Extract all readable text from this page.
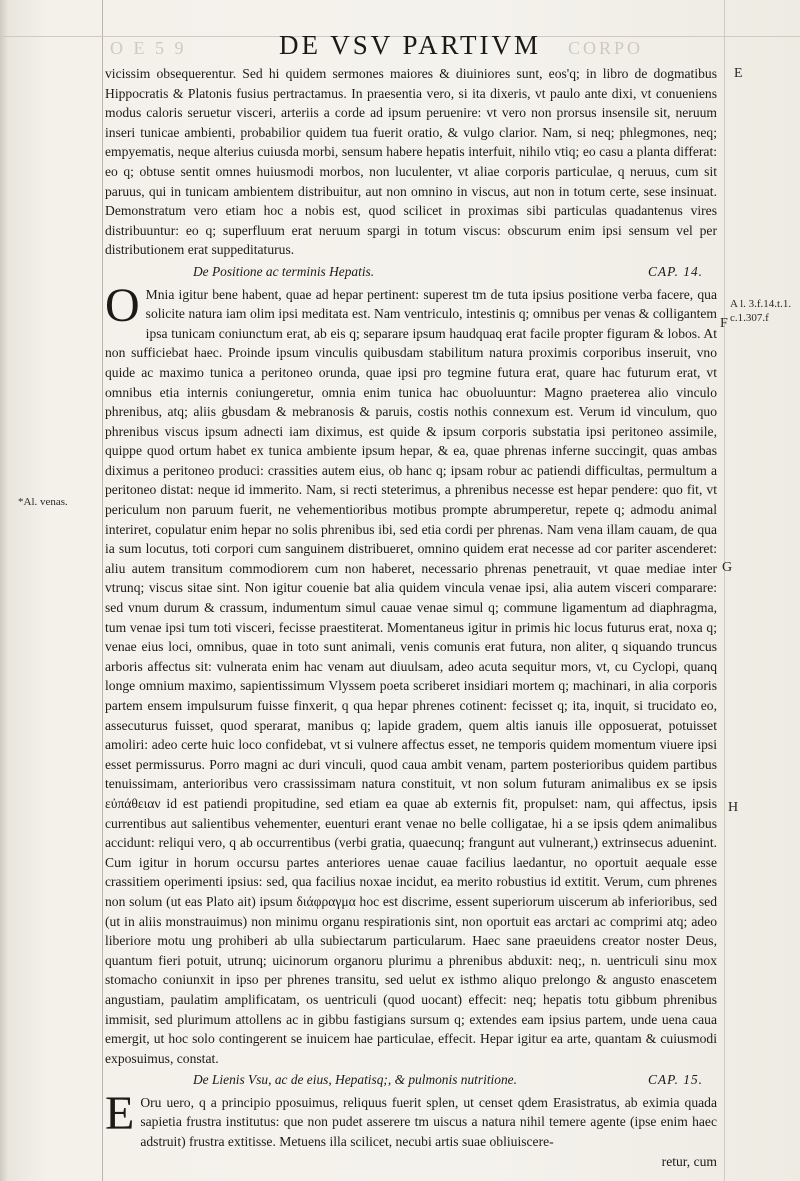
O E 5 9	CORPO
DE VSV PARTIVM

vicissim obsequerentur. Sed hi quidem sermones maiores & diuiniores sunt, eos'q; in libro de dogmatibus Hippocratis & Platonis fusius pertractamus. In praesentia vero, si ita dixeris, vt paulo ante dixi, vt conueniens modus caloris seruetur visceri, arteriis a corde ad ipsum peruenire: vt vero non prorsus insensile sit, neruum inseri tunicae ambienti, probabilior quidem tua fuerit oratio, & vulgo clarior. Nam, si neq; phlegmones, neq; empyematis, neque alterius cuiusda morbi, sensum habere hepatis interfuit, nihilo vtiq; eo casu a planta differat: eo q; obtuse sentit omnes huiusmodi morbos, non luculenter, vt aliae corporis particulae, q neruus, cum sit paruus, qui in tunicam ambientem distribuitur, aut non omnino in viscus, aut non in totum certe, sese insinuat. Demonstratum vero etiam hoc a nobis est, quod scilicet in proximas sibi particulas quadantenus vires distribuuntur: eo q; superfluum erat neruum spargi in totum viscus: obscurum enim ipsi sensum vel per distributionem erat suppeditaturus.

De Positione ac terminis Hepatis.	CAP. 14.

O Mnia igitur bene habent, quae ad hepar pertinent: superest tm de tuta ipsius positione verba facere, qua solicite natura iam olim ipsi meditata est. Nam ventriculo, intestinis q; omnibus per venas & colligantem ipsa tunicam coniunctum erat, ab eis q; separare ipsum haudquaq erat facile propter figuram & lobos. At non sufficiebat haec. Proinde ipsum vinculis quibusdam stabilitum natura proximis corporibus inseruit, vno quide ac maximo tunica a peritoneo orunda, quae ipsi pro tegmine futura erat, quare hac futurum erat, vt omnibus etia internis coniungeretur, omnia enim tunica hac obuoluuntur: Magno praeterea alio vinculo phrenibus, atq; aliis gbusdam & mebranosis & paruis, costis nothis connexum est. Verum id vinculum, quo phrenibus viscus ipsum adnecti iam diximus, est quide & ipsum corporis substatia ipsi peritoneo assimile, quippe quod ortum habet ex tunica ambiente ipsum hepar, & ea, quae phrenas inferne succingit, quas ambas diximus a peritoneo produci: crassities autem eius, ob hanc q; ipsam robur ac patiendi difficultas, permultum a peritoneo distat: neque id immerito. Nam, si recti steterimus, a phrenibus necesse est hepar pendere: quo fit, vt periculum non paruum fuerit, ne vehementioribus motibus prompte abrumperetur, repete q; admodu animal interiret, copulatur enim hepar no solis phrenibus ibi, sed etia cordi per phrenas. Nam vena illam cauam, de qua ia sum locutus, toti corpori cum sanguinem distribueret, omnino quidem erat necesse ad cor pariter ascenderet: aliu autem transitum commodiorem cum non haberet, necessario phrenas penetrauit, vt quae mediae inter vtrunq; viscus sitae sint. Non igitur couenie bat alia quidem vincula venae ipsi, alia autem visceri comparare: sed vnum durum & crassum, indumentum simul cauae venae simul q; commune ligamentum ad diaphragma, tum venae ipsi tum toti visceri, fecisse praestiterat. Momentaneus igitur in primis hic locus futurus erat, noxa q; venae eius loci, omnibus, quae in toto sunt animali, venis comunis erat futura, non aliter, q siquando truncus arboris affectus sit: vulnerata enim hac venam aut diuulsam, adeo acuta sequitur mors, vt, cu Cyclopi, quanq longe omnium maximo, sapientissimum Vlyssem poeta scriberet insidiari mortem q; machinari, in alia corporis partem ensem impulsurum fuisse finxerit, q qua hepar phrenes cotinent: fecisset q; ita, inquit, si trucidato eo, assecuturus fuisset, quod sperarat, manibus q; lapide gradem, quem altis ianuis ille opposuerat, potuisset amoliri: adeo certe huic loco confidebat, vt si vulnere affectus esset, ne temporis quidem momentum viuere ipsi esset permissurus. Porro magni ac duri vinculi, quod caua ambit venam, partem posterioribus quidem partibus tenuissimam, anterioribus vero crassissimam natura constituit, vt non solum futuram animalibus ex se ipsis εὐπάθειαν id est patiendi propitudine, sed etiam ea quae ab externis fit, propulset: nam, qui affectus, ipsis currentibus aut salientibus vehementer, euenturi erant venae no belle colligatae, hi a se ipsis qdem animalibus accidunt: reliqui vero, q ab occurrentibus (verbi gratia, quaecunq; frangunt aut vulnerant,) extrinsecus aduenint. Cum igitur in horum occursu partes anteriores uenae cauae facilius laedantur, no oportuit aequale esse crassitiem operimenti ipsius: sed, qua facilius noxae incidut, ea merito robustius id extitit. Verum, cum phrenes non solum (ut eas Plato ait) ipsum διάφραγμα hoc est discrime, essent superiorum uiscerum ab inferioribus, sed (ut in aliis monstrauimus) non minimu organu respirationis sint, non oportuit eas arctari ac comprimi atq; adeo liberiore motu ung prohiberi ab ulla subiectarum particularum. Haec sane praeuidens creator noster Deus, quantum fieri potuit, utrunq; uicinorum organoru plurimu a phrenibus abduxit: neq;, n. uentriculi sinu mox stomacho coniunxit in ipso per phrenes transitu, sed uelut ex isthmo aliquo prelongo & angusto enascetem angustiam, paulatim amplificatam, os uentriculi (quod uocant) effecit: neq; hepatis totu gibbum phrenibus immisit, sed plurimum attollens ac in gibbu fastigians sursum q; extendes eam ipsius partem, unde uena caua emergit, ut hoc solo contingerent se inuicem hae particulae, effecit. Hepar igitur ea arte, quantam & cuiusmodi exposuimus, constat.

De Lienis Vsu, ac de eius, Hepatisq;, & pulmonis nutritione.	CAP. 15.

E Oru uero, q a principio pposuimus, reliquus fuerit splen, ut censet qdem Erasistratus, ab eximia quada sapietia frustra institutus: que non pudet asserere tm uiscus a natura nihil temere agente (ipse enim haec adstruit) frustra extitisse. Metuens illa scilicet, necubi artis suae obliuiscere-

retur, cum

A l. 3.f.14.t.1.
c.1.307.f
*Al. venas.
E
F
G
H
